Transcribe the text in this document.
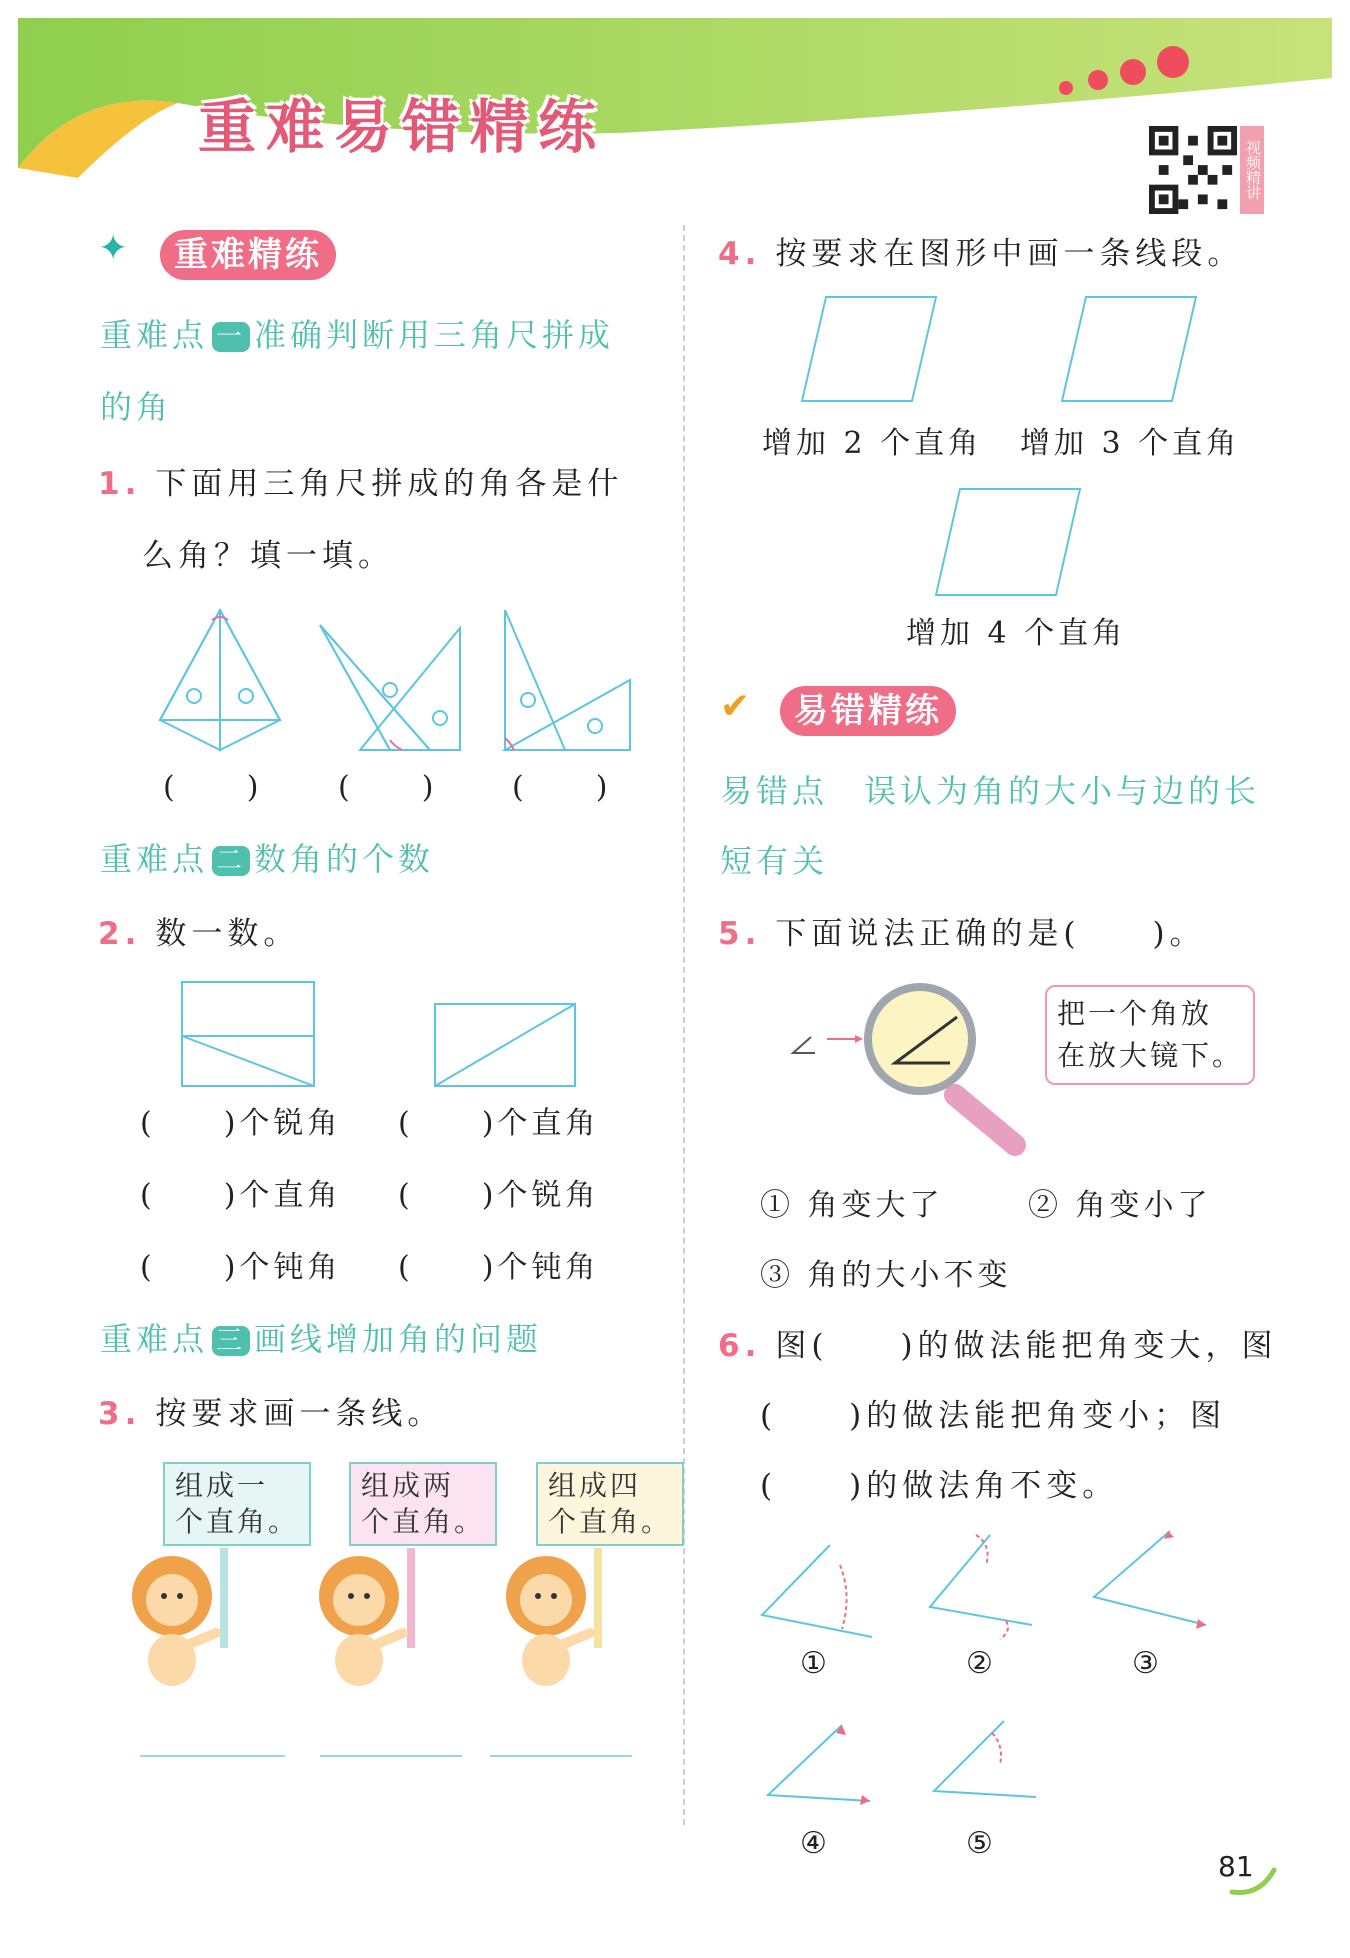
重难易错精练
视频精讲
✦	重难精练
重难点 一 准确判断用三角尺拼成
的角
1. 下面用三角尺拼成的角各是什
么角？填一填。
(　　)	(　　) (　　)
重难点 二 数角的个数
2. 数一数。
(　　)个锐角 (　　)个直角
(　　)个直角 (　　)个锐角
(　　)个钝角 (　　)个钝角
重难点 三 画线增加角的问题
3. 按要求画一条线。
组成一
个直角。
组成两
个直角。
组成四
个直角。
4. 按要求在图形中画一条线段。
增加 2 个直角 增加 3 个直角
增加 4 个直角
✔	易错精练
易错点　 误认为角的大小与边的长
短有关
5. 下面说法正确的是(　　)。
把一个角放
在放大镜下。
① 角变大了	② 角变小了
③ 角的大小不变
6. 图(　　)的做法能把角变大，图
(　　)的做法能把角变小；图
(　　)的做法角不变。
①	②	③
④	⑤
81
